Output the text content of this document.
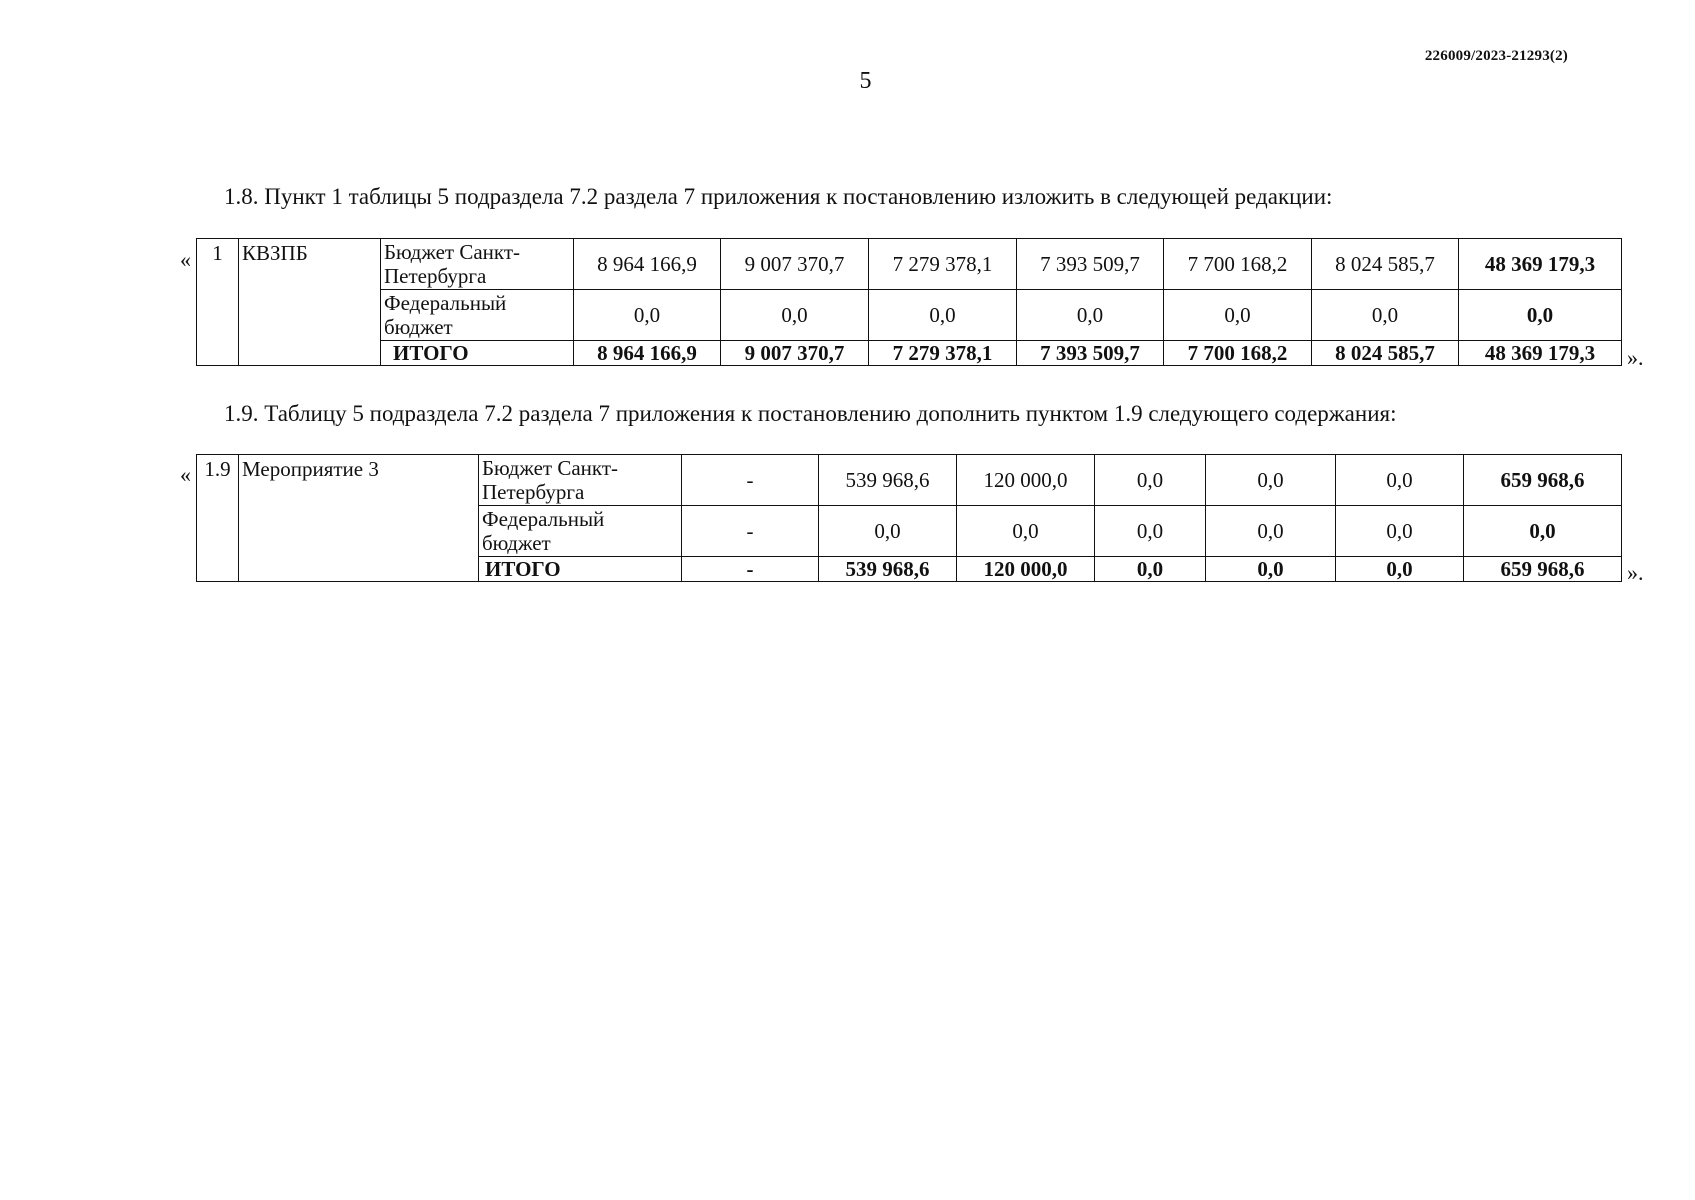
226009/2023-21293(2)
5
1.8. Пункт 1 таблицы 5 подраздела 7.2 раздела 7 приложения к постановлению изложить в следующей редакции:
« 1	КВЗПБ	Бюджет Санкт-Петербурга	8 964 166,9	9 007 370,7	7 279 378,1	7 393 509,7	7 700 168,2	8 024 585,7	48 369 179,3
		Федеральный бюджет	0,0	0,0	0,0	0,0	0,0	0,0	0,0
		ИТОГО	8 964 166,9	9 007 370,7	7 279 378,1	7 393 509,7	7 700 168,2	8 024 585,7	48 369 179,3 ».
1.9. Таблицу 5 подраздела 7.2 раздела 7 приложения к постановлению дополнить пунктом 1.9 следующего содержания:
« 1.9	Мероприятие 3	Бюджет Санкт-Петербурга	-	539 968,6	120 000,0	0,0	0,0	0,0	659 968,6
		Федеральный бюджет	-	0,0	0,0	0,0	0,0	0,0	0,0
		ИТОГО	-	539 968,6	120 000,0	0,0	0,0	0,0	659 968,6 ».
